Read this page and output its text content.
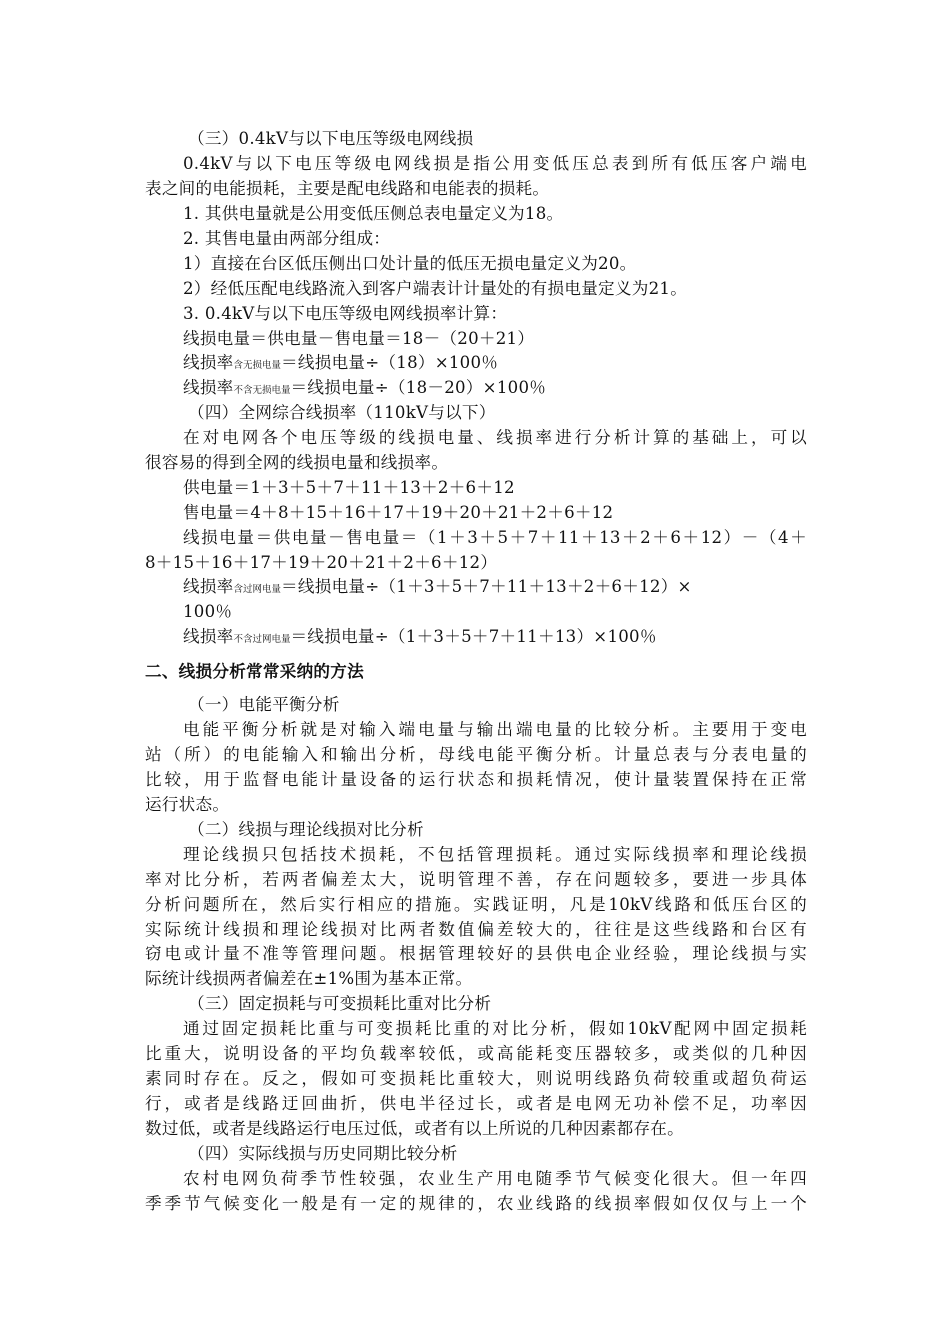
（三）0.4kV与以下电压等级电网线损
0.4kV与以下电压等级电网线损是指公用变低压总表到所有低压客户端电
表之间的电能损耗，主要是配电线路和电能表的损耗。
1. 其供电量就是公用变低压侧总表电量定义为18。
2. 其售电量由两部分组成：
1）直接在台区低压侧出口处计量的低压无损电量定义为20。
2）经低压配电线路流入到客户端表计计量处的有损电量定义为21。
3. 0.4kV与以下电压等级电网线损率计算：
线损电量＝供电量－售电量＝18－（20＋21）
线损率含无损电量＝线损电量÷（18）×100％
线损率不含无损电量＝线损电量÷（18－20）×100％
（四）全网综合线损率（110kV与以下）
在对电网各个电压等级的线损电量、线损率进行分析计算的基础上，可以
很容易的得到全网的线损电量和线损率。
供电量＝1＋3＋5＋7＋11＋13＋2＋6＋12
售电量＝4＋8＋15＋16＋17＋19＋20＋21＋2＋6＋12
线损电量＝供电量－售电量＝（1＋3＋5＋7＋11＋13＋2＋6＋12）－（4＋
8＋15＋16＋17＋19＋20＋21＋2＋6＋12）
线损率含过网电量＝线损电量÷（1＋3＋5＋7＋11＋13＋2＋6＋12）×
100％
线损率不含过网电量＝线损电量÷（1＋3＋5＋7＋11＋13）×100％
二、线损分析常常采纳的方法
（一）电能平衡分析
电能平衡分析就是对输入端电量与输出端电量的比较分析。主要用于变电
站（所）的电能输入和输出分析，母线电能平衡分析。计量总表与分表电量的
比较，用于监督电能计量设备的运行状态和损耗情况，使计量装置保持在正常
运行状态。
（二）线损与理论线损对比分析
理论线损只包括技术损耗，不包括管理损耗。通过实际线损率和理论线损
率对比分析，若两者偏差太大，说明管理不善，存在问题较多，要进一步具体
分析问题所在，然后实行相应的措施。实践证明，凡是10kV线路和低压台区的
实际统计线损和理论线损对比两者数值偏差较大的，往往是这些线路和台区有
窃电或计量不准等管理问题。根据管理较好的县供电企业经验，理论线损与实
际统计线损两者偏差在±1%围为基本正常。
（三）固定损耗与可变损耗比重对比分析
通过固定损耗比重与可变损耗比重的对比分析，假如10kV配网中固定损耗
比重大，说明设备的平均负载率较低，或高能耗变压器较多，或类似的几种因
素同时存在。反之，假如可变损耗比重较大，则说明线路负荷较重或超负荷运
行，或者是线路迂回曲折，供电半径过长，或者是电网无功补偿不足，功率因
数过低，或者是线路运行电压过低，或者有以上所说的几种因素都存在。
（四）实际线损与历史同期比较分析
农村电网负荷季节性较强，农业生产用电随季节气候变化很大。但一年四
季季节气候变化一般是有一定的规律的，农业线路的线损率假如仅仅与上一个
